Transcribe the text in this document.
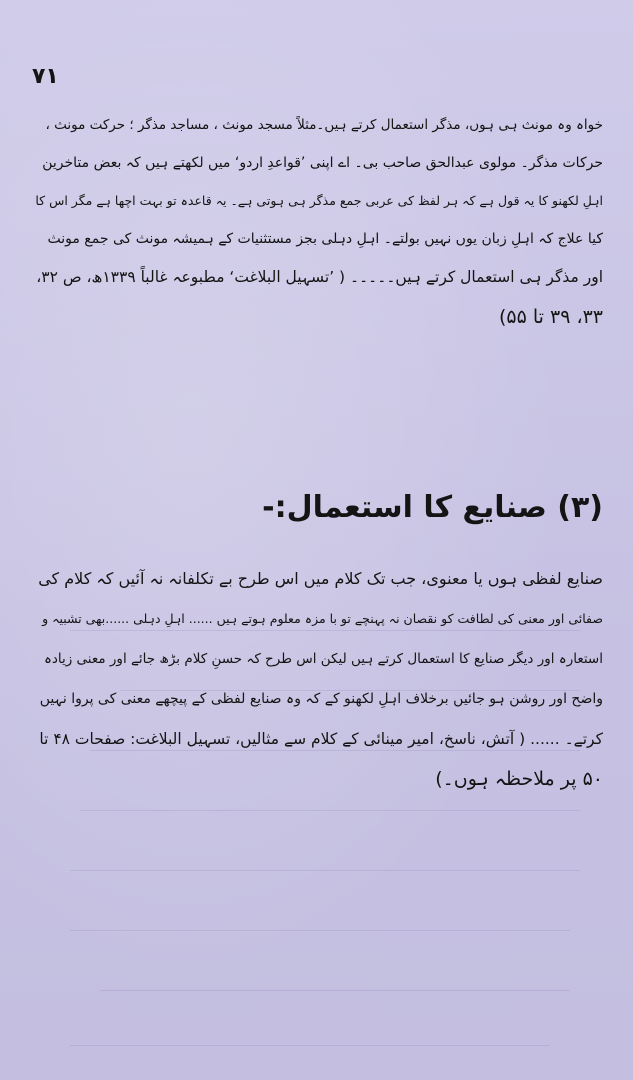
۷۱
خواہ وہ مونث ہی ہوں، مذگر استعمال کرتے ہیں۔مثلاً مسجد مونث ، مساجد مذگر ؛ حرکت مونث ،
حرکات مذگر۔ مولوی عبدالحق صاحب بی۔ اے اپنی ’قواعدِ اردو‘ میں لکھتے ہیں کہ بعض متاخرین
اہلِ لکھنو کا یہ قول ہے کہ ہر لفظ کی عربی جمع مذگر ہی ہوتی ہے۔ یہ قاعدہ تو بہت اچھا ہے مگر اس کا
کیا علاج کہ اہلِ زبان یوں نہیں بولتے۔ اہلِ دہلی بجز مستثنیات کے ہمیشہ مونث کی جمع مونث
اور مذگر ہی استعمال کرتے ہیں۔۔۔۔۔ ( ’تسہیل البلاغت‘ مطبوعہ غالباً ۱۳۳۹ھ، ص ۳۲،
۳۳، ۳۹ تا ۵۵)
(۳) صنایع کا استعمال:-
صنایع لفظی ہوں یا معنوی، جب تک کلام میں اس طرح بے تکلفانہ نہ آئیں کہ کلام کی
صفائی اور معنی کی لطافت کو نقصان نہ پہنچے تو با مزہ معلوم ہوتے ہیں ...... اہلِ دہلی ......بھی تشبیہ و
استعارہ اور دیگر صنایع کا استعمال کرتے ہیں لیکن اس طرح کہ حسنِ کلام بڑھ جائے اور معنی زیادہ
واضح اور روشن ہو جائیں برخلاف اہلِ لکھنو کے کہ وہ صنایع لفظی کے پیچھے معنی کی پروا نہیں
کرتے۔ ...... ( آتش، ناسخ، امیر مینائی کے کلام سے مثالیں، تسہیل البلاغت: صفحات ۴۸ تا
۵۰ پر ملاحظہ ہوں۔)
